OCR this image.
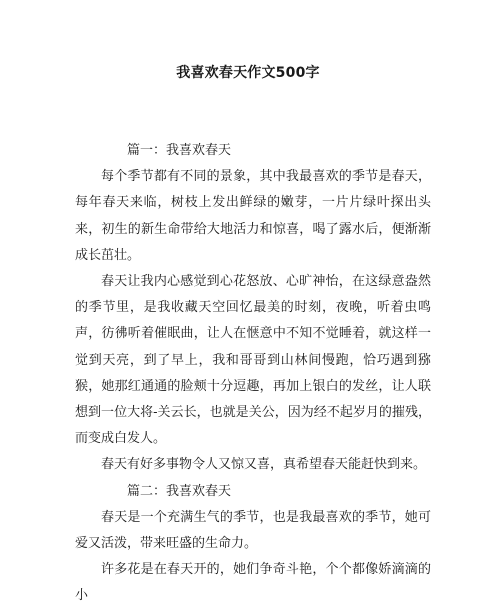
我喜欢春天作文500字

篇一：我喜欢春天

每个季节都有不同的景象，其中我最喜欢的季节是春天，每年春天来临，树枝上发出鲜绿的嫩芽，一片片绿叶探出头来，初生的新生命带给大地活力和惊喜，喝了露水后，便渐渐成长茁壮。

春天让我内心感觉到心花怒放、心旷神怡，在这绿意盎然的季节里，是我收藏天空回忆最美的时刻，夜晚，听着虫鸣声，彷彿听着催眠曲，让人在惬意中不知不觉睡着，就这样一觉到天亮，到了早上，我和哥哥到山林间慢跑，恰巧遇到猕猴，她那红通通的脸颊十分逗趣，再加上银白的发丝，让人联想到一位大将-关云长，也就是关公，因为经不起岁月的摧残，而变成白发人。

春天有好多事物令人又惊又喜，真希望春天能赶快到来。

篇二：我喜欢春天

春天是一个充满生气的季节，也是我最喜欢的季节，她可爱又活泼，带来旺盛的生命力。

许多花是在春天开的，她们争奇斗艳，个个都像娇滴滴的小
